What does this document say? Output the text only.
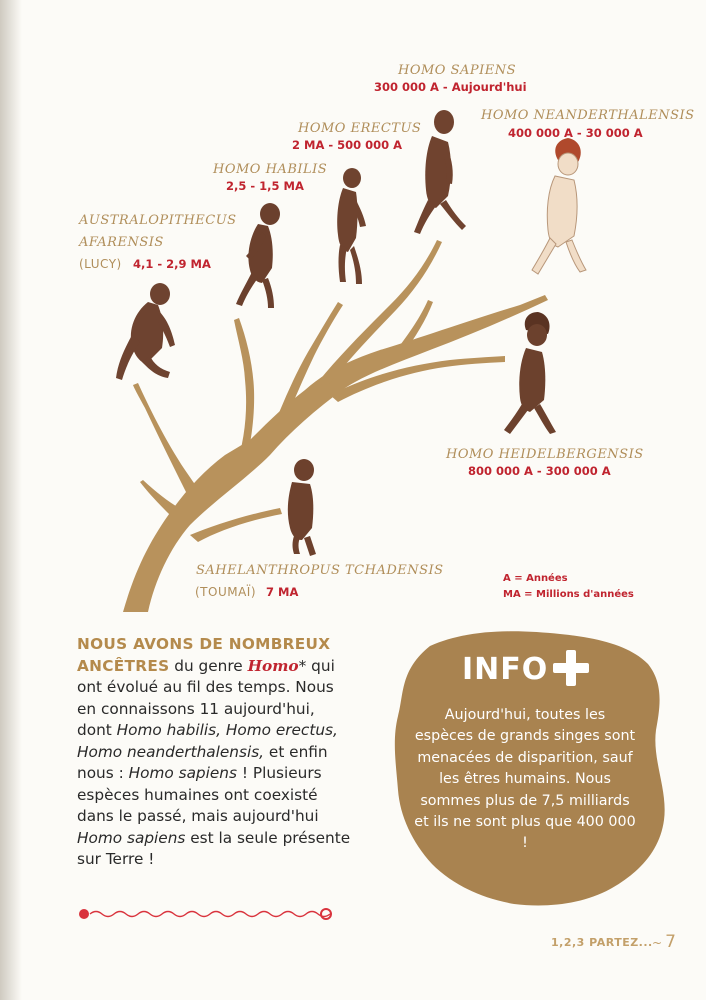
HOMO SAPIENS
300 000 A - Aujourd'hui
HOMO NEANDERTHALENSIS
400 000 A - 30 000 A
HOMO ERECTUS
2 MA - 500 000 A
HOMO HABILIS
2,5 - 1,5 MA
AUSTRALOPITHECUS
AFARENSIS
(LUCY) 4,1 - 2,9 MA
HOMO HEIDELBERGENSIS
800 000 A - 300 000 A
SAHELANTHROPUS TCHADENSIS
(TOUMAÏ) 7 MA
A = Années
MA = Millions d'années
NOUS AVONS DE NOMBREUX ANCÊTRES du genre Homo* qui ont évolué au fil des temps. Nous en connaissons 11 aujourd'hui, dont Homo habilis, Homo erectus, Homo neanderthalensis, et enfin nous : Homo sapiens ! Plusieurs espèces humaines ont coexisté dans le passé, mais aujourd'hui Homo sapiens est la seule présente sur Terre !
INFO
Aujourd'hui, toutes les espèces de grands singes sont menacées de disparition, sauf les êtres humains. Nous sommes plus de 7,5 milliards et ils ne sont plus que 400 000 !
1,2,3 PARTEZ... ~ 7
